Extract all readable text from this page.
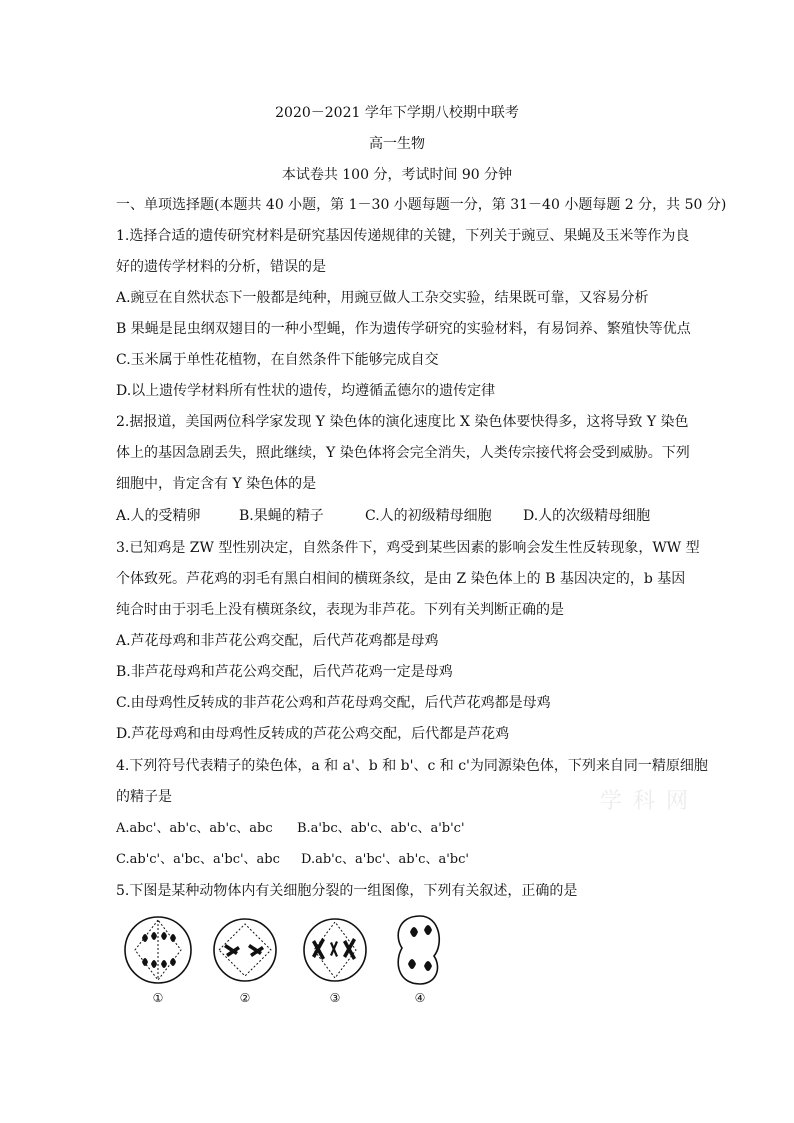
2020－2021 学年下学期八校期中联考
高一生物
本试卷共 100 分，考试时间 90 分钟
一、单项选择题(本题共 40 小题，第 1－30 小题每题一分，第 31－40 小题每题 2 分，共 50 分)
1.选择合适的遗传研究材料是研究基因传递规律的关键，下列关于豌豆、果蝇及玉米等作为良
好的遗传学材料的分析，错误的是
A.豌豆在自然状态下一般都是纯种，用豌豆做人工杂交实验，结果既可靠，又容易分析
B 果蝇是昆虫纲双翅目的一种小型蝇，作为遗传学研究的实验材料，有易饲养、繁殖快等优点
C.玉米属于单性花植物，在自然条件下能够完成自交
D.以上遗传学材料所有性状的遗传，均遵循孟德尔的遗传定律
2.据报道，美国两位科学家发现 Y 染色体的演化速度比 X 染色体要快得多，这将导致 Y 染色
体上的基因急剧丢失，照此继续，Y 染色体将会完全消失，人类传宗接代将会受到威胁。下列
细胞中，肯定含有 Y 染色体的是
A.人的受精卵	B.果蝇的精子	C.人的初级精母细胞 D.人的次级精母细胞
3.已知鸡是 ZW 型性别决定，自然条件下，鸡受到某些因素的影响会发生性反转现象，WW 型
个体致死。芦花鸡的羽毛有黑白相间的横斑条纹，是由 Z 染色体上的 B 基因决定的，b 基因
纯合时由于羽毛上没有横斑条纹，表现为非芦花。下列有关判断正确的是
A.芦花母鸡和非芦花公鸡交配，后代芦花鸡都是母鸡
B.非芦花母鸡和芦花公鸡交配，后代芦花鸡一定是母鸡
C.由母鸡性反转成的非芦花公鸡和芦花母鸡交配，后代芦花鸡都是母鸡
D.芦花母鸡和由母鸡性反转成的芦花公鸡交配，后代都是芦花鸡
4.下列符号代表精子的染色体，a 和 a'、b 和 b'、c 和 c'为同源染色体，下列来自同一精原细胞
的精子是
A.abc'、ab'c、ab'c、abc B.a'bc、ab'c、ab'c、a'b'c'
C.ab'c'、a'bc、a'bc'、abc D.ab'c、a'bc'、ab'c、a'bc'
学 科 网
5.下图是某种动物体内有关细胞分裂的一组图像，下列有关叙述，正确的是
①	②	③	④
